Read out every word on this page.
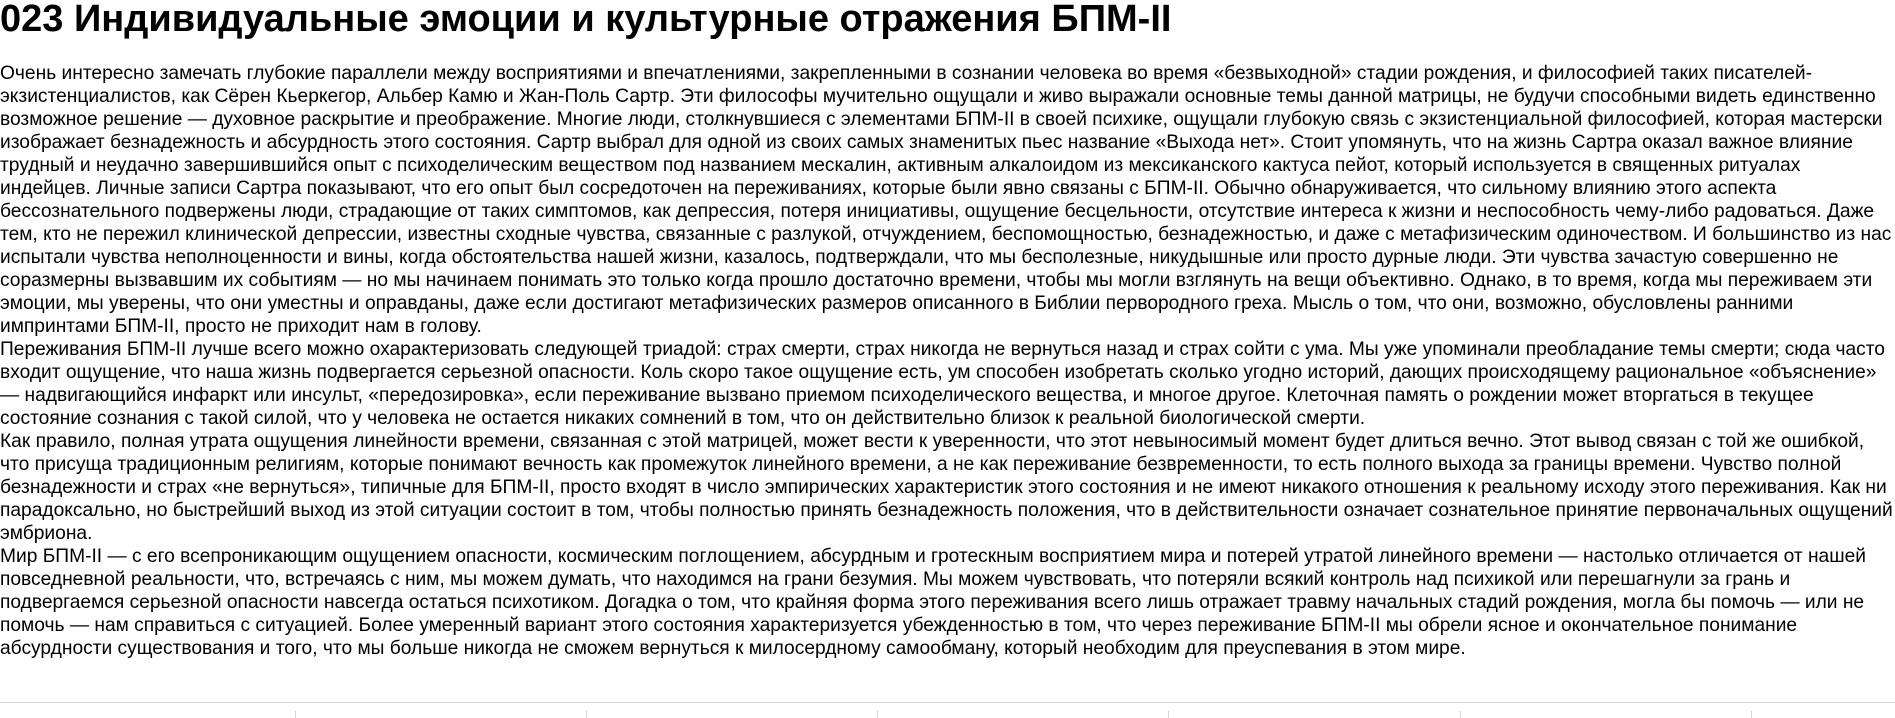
023 Индивидуальные эмоции и культурные отражения БПМ-II

Очень интересно замечать глубокие параллели между восприятиями и впечатлениями, закрепленными в сознании человека во время «безвыходной» стадии рождения, и философией таких писателей-экзистенциалистов, как Сёрен Кьеркегор, Альбер Камю и Жан-Поль Сартр. Эти философы мучительно ощущали и живо выражали основные темы данной матрицы, не будучи способными видеть единственно возможное решение — духовное раскрытие и преображение. Многие люди, столкнувшиеся с элементами БПМ-II в своей психике, ощущали глубокую связь с экзистенциальной философией, которая мастерски изображает безнадежность и абсурдность этого состояния. Сартр выбрал для одной из своих самых знаменитых пьес название «Выхода нет». Стоит упомянуть, что на жизнь Сартра оказал важное влияние трудный и неудачно завершившийся опыт с психоделическим веществом под названием мескалин, активным алкалоидом из мексиканского кактуса пейот, который используется в священных ритуалах индейцев. Личные записи Сартра показывают, что его опыт был сосредоточен на переживаниях, которые были явно связаны с БПМ-II. Обычно обнаруживается, что сильному влиянию этого аспекта бессознательного подвержены люди, страдающие от таких симптомов, как депрессия, потеря инициативы, ощущение бесцельности, отсутствие интереса к жизни и неспособность чему-либо радоваться. Даже тем, кто не пережил клинической депрессии, известны сходные чувства, связанные с разлукой, отчуждением, беспомощностью, безнадежностью, и даже с метафизическим одиночеством. И большинство из нас испытали чувства неполноценности и вины, когда обстоятельства нашей жизни, казалось, подтверждали, что мы бесполезные, никудышные или просто дурные люди. Эти чувства зачастую совершенно не соразмерны вызвавшим их событиям — но мы начинаем понимать это только когда прошло достаточно времени, чтобы мы могли взглянуть на вещи объективно. Однако, в то время, когда мы переживаем эти эмоции, мы уверены, что они уместны и оправданы, даже если достигают метафизических размеров описанного в Библии первородного греха. Мысль о том, что они, возможно, обусловлены ранними импринтами БПМ-II, просто не приходит нам в голову.

Переживания БПМ-II лучше всего можно охарактеризовать следующей триадой: страх смерти, страх никогда не вернуться назад и страх сойти с ума. Мы уже упоминали преобладание темы смерти; сюда часто входит ощущение, что наша жизнь подвергается серьезной опасности. Коль скоро такое ощущение есть, ум способен изобретать сколько угодно историй, дающих происходящему рациональное «объяснение» — надвигающийся инфаркт или инсульт, «передозировка», если переживание вызвано приемом психоделического вещества, и многое другое. Клеточная память о рождении может вторгаться в текущее состояние сознания с такой силой, что у человека не остается никаких сомнений в том, что он действительно близок к реальной биологической смерти.

Как правило, полная утрата ощущения линейности времени, связанная с этой матрицей, может вести к уверенности, что этот невыносимый момент будет длиться вечно. Этот вывод связан с той же ошибкой, что присуща традиционным религиям, которые понимают вечность как промежуток линейного времени, а не как переживание безвременности, то есть полного выхода за границы времени. Чувство полной безнадежности и страх «не вернуться», типичные для БПМ-II, просто входят в число эмпирических характеристик этого состояния и не имеют никакого отношения к реальному исходу этого переживания. Как ни парадоксально, но быстрейший выход из этой ситуации состоит в том, чтобы полностью принять безнадежность положения, что в действительности означает сознательное принятие первоначальных ощущений эмбриона.

Мир БПМ-II — с его всепроникающим ощущением опасности, космическим поглощением, абсурдным и гротескным восприятием мира и потерей утратой линейного времени — настолько отличается от нашей повседневной реальности, что, встречаясь с ним, мы можем думать, что находимся на грани безумия. Мы можем чувствовать, что потеряли всякий контроль над психикой или перешагнули за грань и подвергаемся серьезной опасности навсегда остаться психотиком. Догадка о том, что крайняя форма этого переживания всего лишь отражает травму начальных стадий рождения, могла бы помочь — или не помочь — нам справиться с ситуацией. Более умеренный вариант этого состояния характеризуется убежденностью в том, что через переживание БПМ-II мы обрели ясное и окончательное понимание абсурдности существования и того, что мы больше никогда не сможем вернуться к милосердному самообману, который необходим для преуспевания в этом мире.
